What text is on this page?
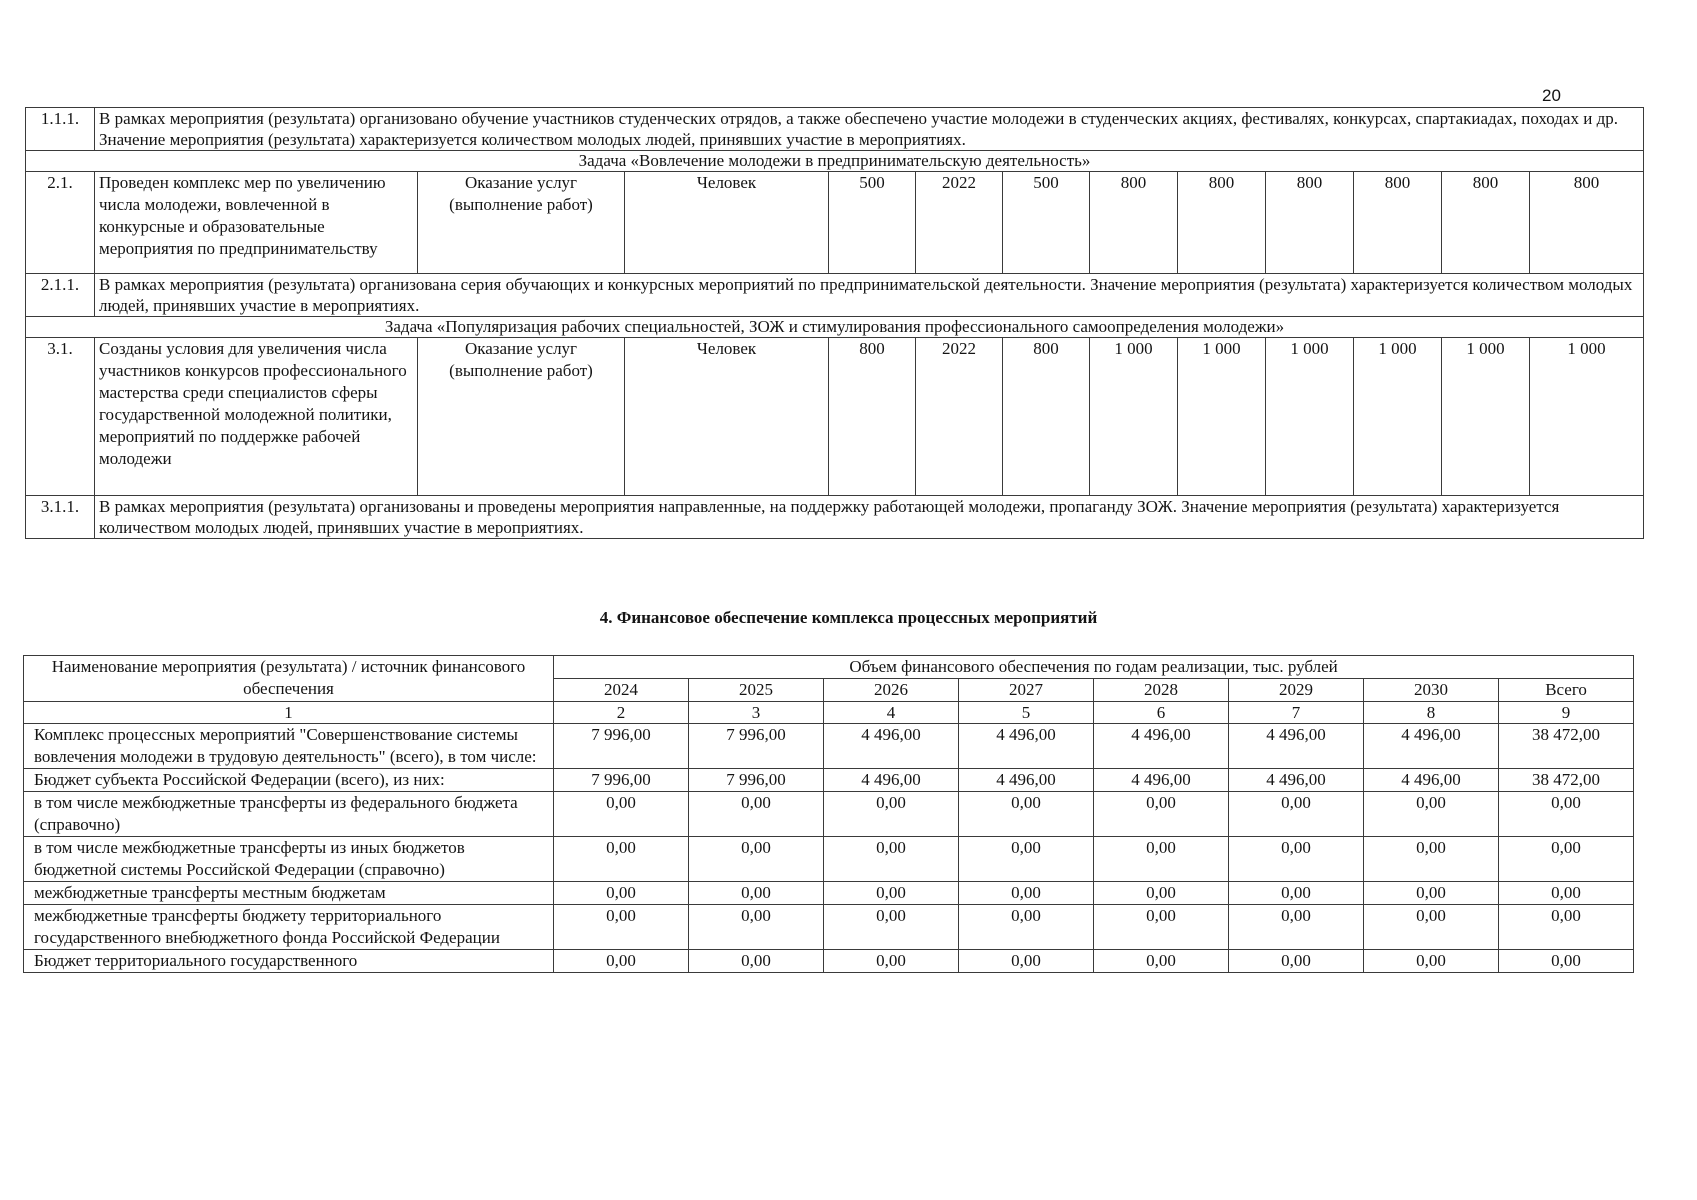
20
1.1.1.	В рамках мероприятия (результата) организовано обучение участников студенческих отрядов, а также обеспечено участие молодежи в студенческих акциях, фестивалях, конкурсах, спартакиадах, походах и др. Значение мероприятия (результата) характеризуется количеством молодых людей, принявших участие в мероприятиях.											
Задача «Вовлечение молодежи в предпринимательскую деятельность»												
2.1.	Проведен комплекс мер по увеличению числа молодежи, вовлеченной в конкурсные и образовательные мероприятия по предпринимательству	Оказание услуг (выполнение работ)	Человек	500	2022	500	800	800	800	800	800	800
2.1.1.	В рамках мероприятия (результата) организована серия обучающих и конкурсных мероприятий по предпринимательской деятельности. Значение мероприятия (результата) характеризуется количеством молодых людей, принявших участие в мероприятиях.											
Задача «Популяризация рабочих специальностей, ЗОЖ и стимулирования профессионального самоопределения молодежи»												
3.1.	Созданы условия для увеличения числа участников конкурсов профессионального мастерства среди специалистов сферы государственной молодежной политики, мероприятий по поддержке рабочей молодежи	Оказание услуг (выполнение работ)	Человек	800	2022	800	1 000	1 000	1 000	1 000	1 000	1 000
3.1.1.	В рамках мероприятия (результата) организованы и проведены мероприятия направленные, на поддержку работающей молодежи, пропаганду ЗОЖ. Значение мероприятия (результата) характеризуется количеством молодых людей, принявших участие в мероприятиях.											
4. Финансовое обеспечение комплекса процессных мероприятий
Наименование мероприятия (результата) / источник финансового обеспечения	Объем финансового обеспечения по годам реализации, тыс. рублей							
	2024	2025	2026	2027	2028	2029	2030	Всего
1	2	3	4	5	6	7	8	9
Комплекс процессных мероприятий "Совершенствование системы вовлечения молодежи в трудовую деятельность" (всего), в том числе:	7 996,00	7 996,00	4 496,00	4 496,00	4 496,00	4 496,00	4 496,00	38 472,00
Бюджет субъекта Российской Федерации (всего), из них:	7 996,00	7 996,00	4 496,00	4 496,00	4 496,00	4 496,00	4 496,00	38 472,00
в том числе межбюджетные трансферты из федерального бюджета (справочно)	0,00	0,00	0,00	0,00	0,00	0,00	0,00	0,00
в том числе межбюджетные трансферты из иных бюджетов бюджетной системы Российской Федерации (справочно)	0,00	0,00	0,00	0,00	0,00	0,00	0,00	0,00
межбюджетные трансферты местным бюджетам	0,00	0,00	0,00	0,00	0,00	0,00	0,00	0,00
межбюджетные трансферты бюджету территориального государственного внебюджетного фонда Российской Федерации	0,00	0,00	0,00	0,00	0,00	0,00	0,00	0,00
Бюджет территориального государственного	0,00	0,00	0,00	0,00	0,00	0,00	0,00	0,00
